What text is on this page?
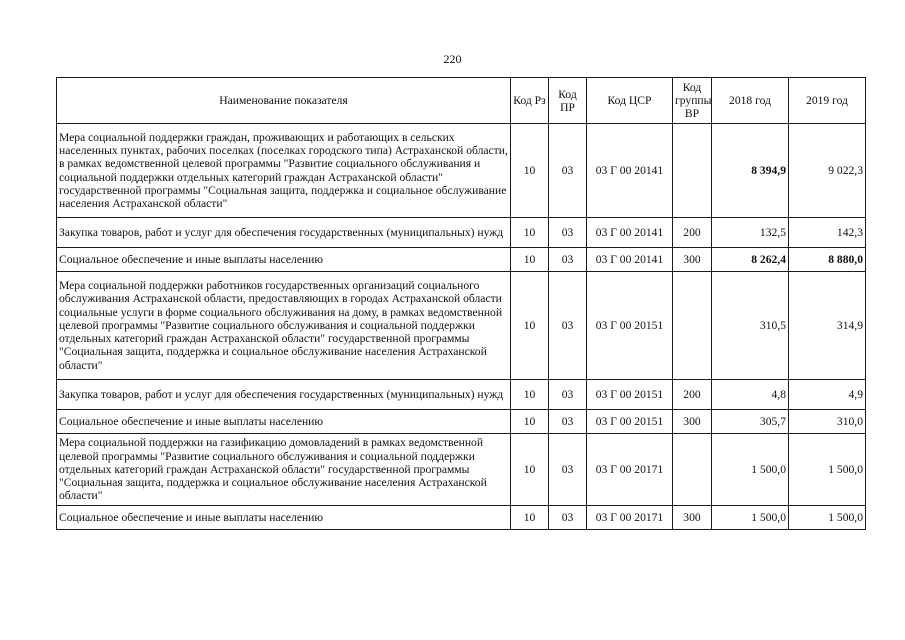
220
Наименование показателя	Код Рз	Код ПР	Код ЦСР	Код группы ВР	2018 год	2019 год
Мера социальной поддержки граждан, проживающих и работающих в сельских населенных пунктах, рабочих поселках (поселках городского типа) Астраханской области, в рамках ведомственной целевой программы "Развитие социального обслуживания и социальной поддержки отдельных категорий граждан Астраханской области" государственной программы "Социальная защита, поддержка и социальное обслуживание населения Астраханской области"	10	03	03 Г 00 20141		8 394,9	9 022,3
Закупка товаров, работ и услуг для обеспечения государственных (муниципальных) нужд	10	03	03 Г 00 20141	200	132,5	142,3
Социальное обеспечение и иные выплаты населению	10	03	03 Г 00 20141	300	8 262,4	8 880,0
Мера социальной поддержки работников государственных организаций социального обслуживания Астраханской области, предоставляющих в городах Астраханской области социальные услуги в форме социального обслуживания на дому, в рамках ведомственной целевой программы "Развитие социального обслуживания и социальной поддержки отдельных категорий граждан Астраханской области" государственной программы "Социальная защита, поддержка и социальное обслуживание населения Астраханской области"	10	03	03 Г 00 20151		310,5	314,9
Закупка товаров, работ и услуг для обеспечения государственных (муниципальных) нужд	10	03	03 Г 00 20151	200	4,8	4,9
Социальное обеспечение и иные выплаты населению	10	03	03 Г 00 20151	300	305,7	310,0
Мера социальной поддержки на газификацию домовладений в рамках ведомственной целевой программы "Развитие социального обслуживания и социальной поддержки отдельных категорий граждан Астраханской области" государственной программы "Социальная защита, поддержка и социальное обслуживание населения Астраханской области"	10	03	03 Г 00 20171		1 500,0	1 500,0
Социальное обеспечение и иные выплаты населению	10	03	03 Г 00 20171	300	1 500,0	1 500,0
